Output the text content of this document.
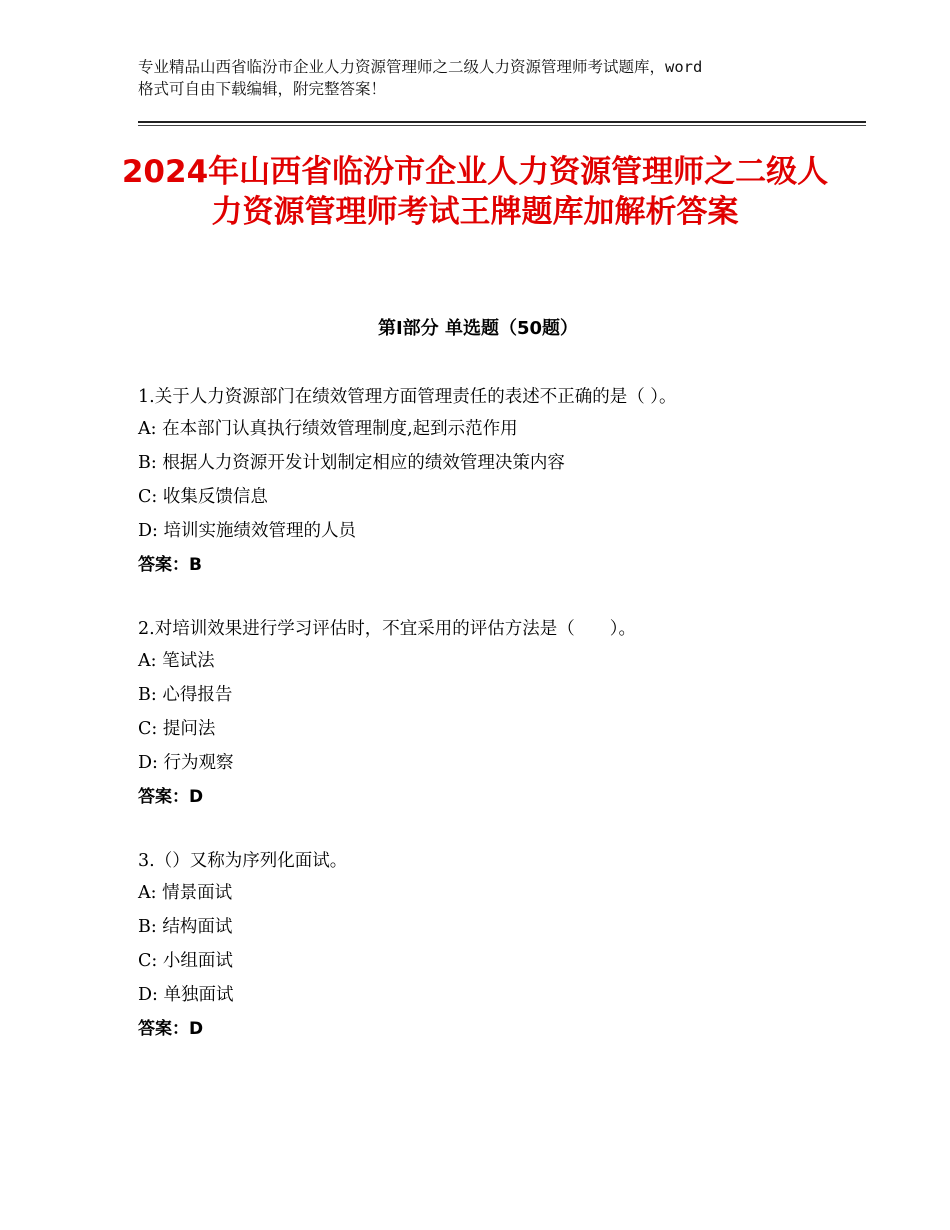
专业精品山西省临汾市企业人力资源管理师之二级人力资源管理师考试题库，word
格式可自由下载编辑，附完整答案！
2024年山西省临汾市企业人力资源管理师之二级人力资源管理师考试王牌题库加解析答案
第Ⅰ部分 单选题（50题）

1.关于人力资源部门在绩效管理方面管理责任的表述不正确的是（ ）。

A: 在本部门认真执行绩效管理制度,起到示范作用

B: 根据人力资源开发计划制定相应的绩效管理决策内容

C: 收集反馈信息

D: 培训实施绩效管理的人员

答案：B

2.对培训效果进行学习评估时，不宜采用的评估方法是（　　）。

A: 笔试法

B: 心得报告

C: 提问法

D: 行为观察

答案：D

3.（）又称为序列化面试。

A: 情景面试

B: 结构面试

C: 小组面试

D: 单独面试

答案：D
